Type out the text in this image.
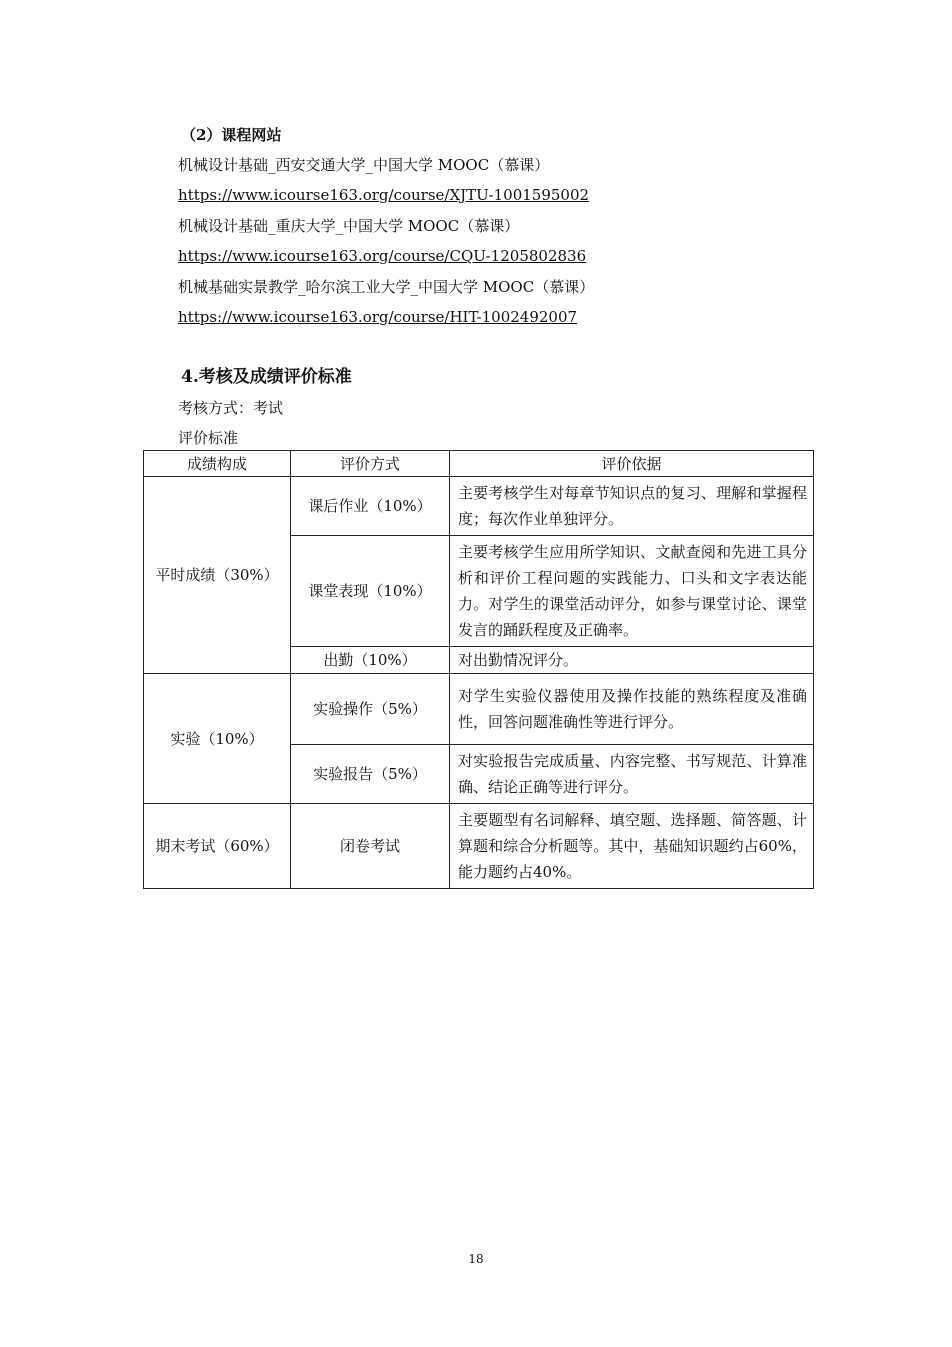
（2）课程网站
机械设计基础_西安交通大学_中国大学 MOOC（慕课）
https://www.icourse163.org/course/XJTU-1001595002
机械设计基础_重庆大学_中国大学 MOOC（慕课）
https://www.icourse163.org/course/CQU-1205802836
机械基础实景教学_哈尔滨工业大学_中国大学 MOOC（慕课）
https://www.icourse163.org/course/HIT-1002492007
4.考核及成绩评价标准
考核方式：考试
评价标准
成绩构成	评价方式	评价依据
平时成绩（30%）	课后作业（10%）	主要考核学生对每章节知识点的复习、理解和掌握程度；每次作业单独评分。
	课堂表现（10%）	主要考核学生应用所学知识、文献查阅和先进工具分析和评价工程问题的实践能力、口头和文字表达能力。对学生的课堂活动评分，如参与课堂讨论、课堂发言的踊跃程度及正确率。
	出勤（10%）	对出勤情况评分。
实验（10%）	实验操作（5%）	对学生实验仪器使用及操作技能的熟练程度及准确性，回答问题准确性等进行评分。
	实验报告（5%）	对实验报告完成质量、内容完整、书写规范、计算准确、结论正确等进行评分。
期末考试（60%）	闭卷考试	主要题型有名词解释、填空题、选择题、简答题、计算题和综合分析题等。其中，基础知识题约占60%，能力题约占40%。
18
